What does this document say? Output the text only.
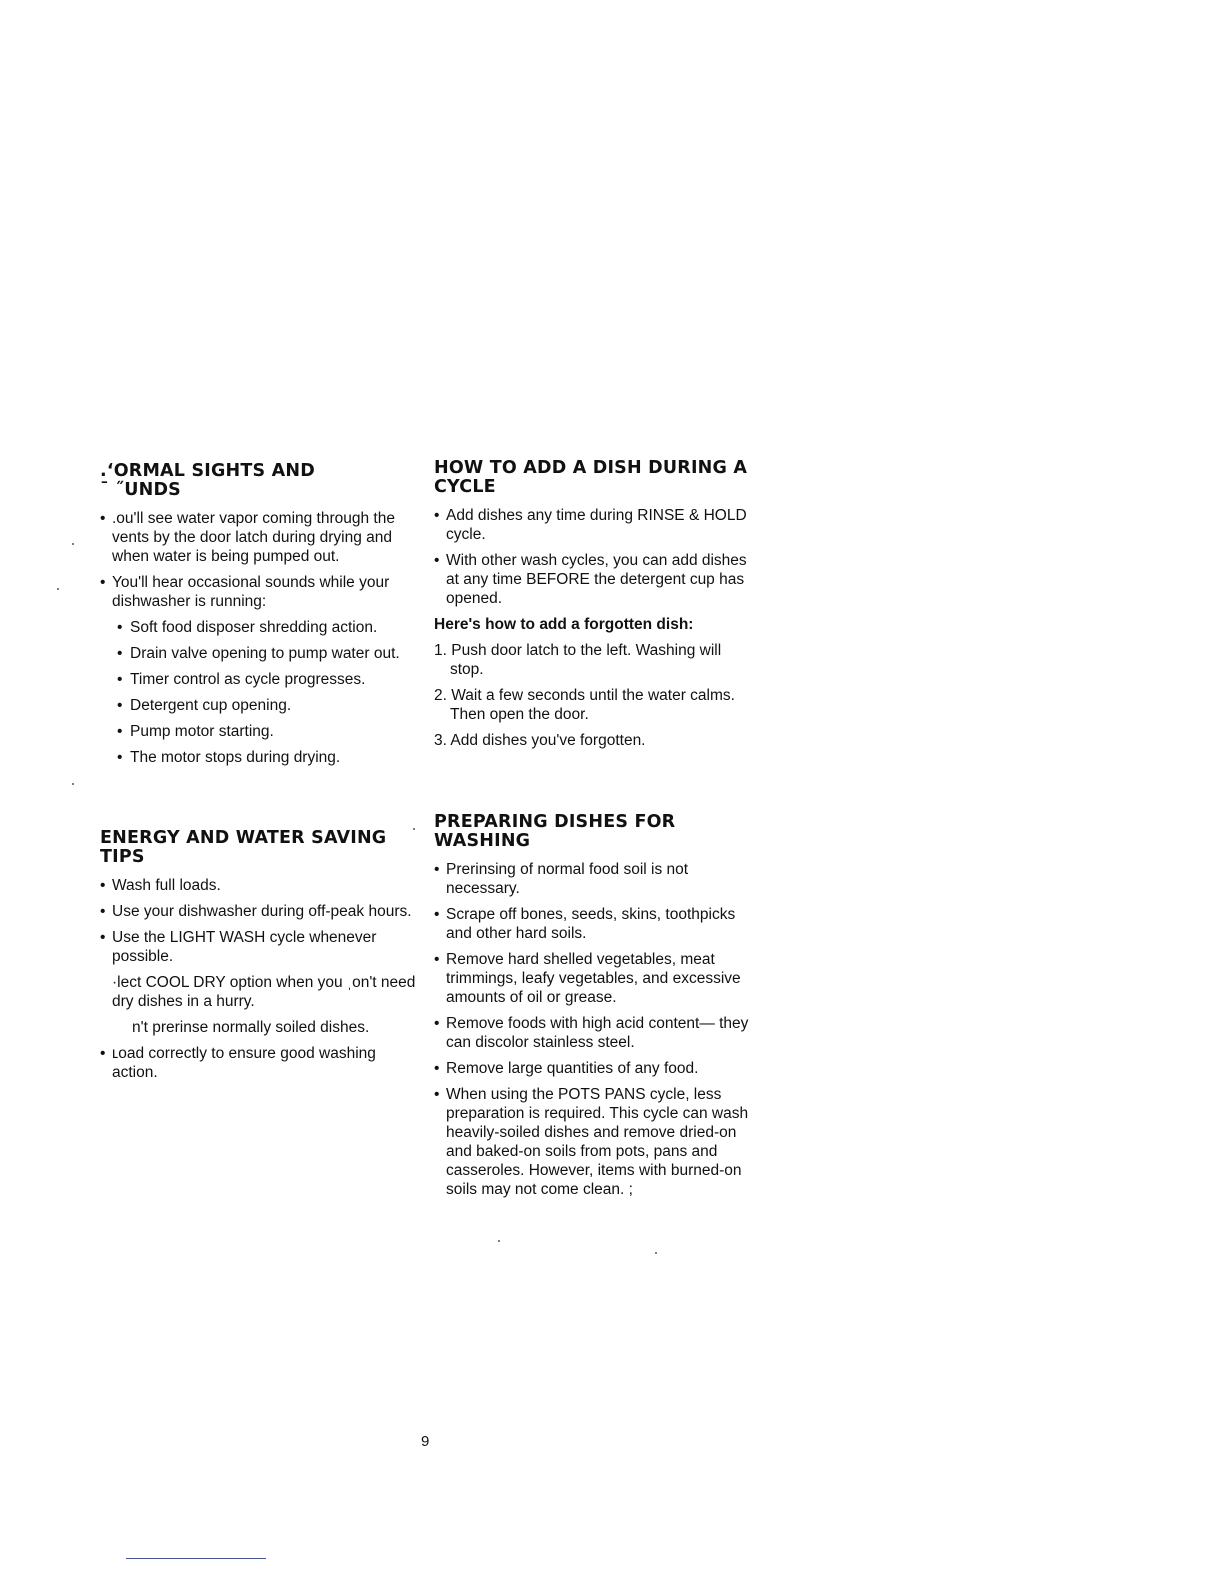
.‘ORMAL SIGHTS AND
¯ ˝UNDS
• .ou'll see water vapor coming through the vents by the door latch during drying and when water is being pumped out.
• You'll hear occasional sounds while your dishwasher is running:
• Soft food disposer shredding action.
• Drain valve opening to pump water out.
• Timer control as cycle progresses.
• Detergent cup opening.
• Pump motor starting.
• The motor stops during drying.
ENERGY AND WATER SAVING TIPS
• Wash full loads.
• Use your dishwasher during off-peak hours.
• Use the LIGHT WASH cycle whenever possible.

·lect COOL DRY option when you ˌon't need dry dishes in a hurry.

n't prerinse normally soiled dishes.

• ʟoad correctly to ensure good washing action.
HOW TO ADD A DISH DURING A CYCLE
• Add dishes any time during RINSE & HOLD cycle.
• With other wash cycles, you can add dishes at any time BEFORE the detergent cup has opened.

Here's how to add a forgotten dish:

1. Push door latch to the left. Washing will stop.
2. Wait a few seconds until the water calms. Then open the door.
3. Add dishes you've forgotten.
PREPARING DISHES FOR WASHING
• Prerinsing of normal food soil is not necessary.
• Scrape off bones, seeds, skins, toothpicks and other hard soils.
• Remove hard shelled vegetables, meat trimmings, leafy vegetables, and excessive amounts of oil or grease.
• Remove foods with high acid content— they can discolor stainless steel.
• Remove large quantities of any food.
• When using the POTS PANS cycle, less preparation is required. This cycle can wash heavily-soiled dishes and remove dried-on and baked-on soils from pots, pans and casseroles. However, items with burned-on soils may not come clean. ;
9
